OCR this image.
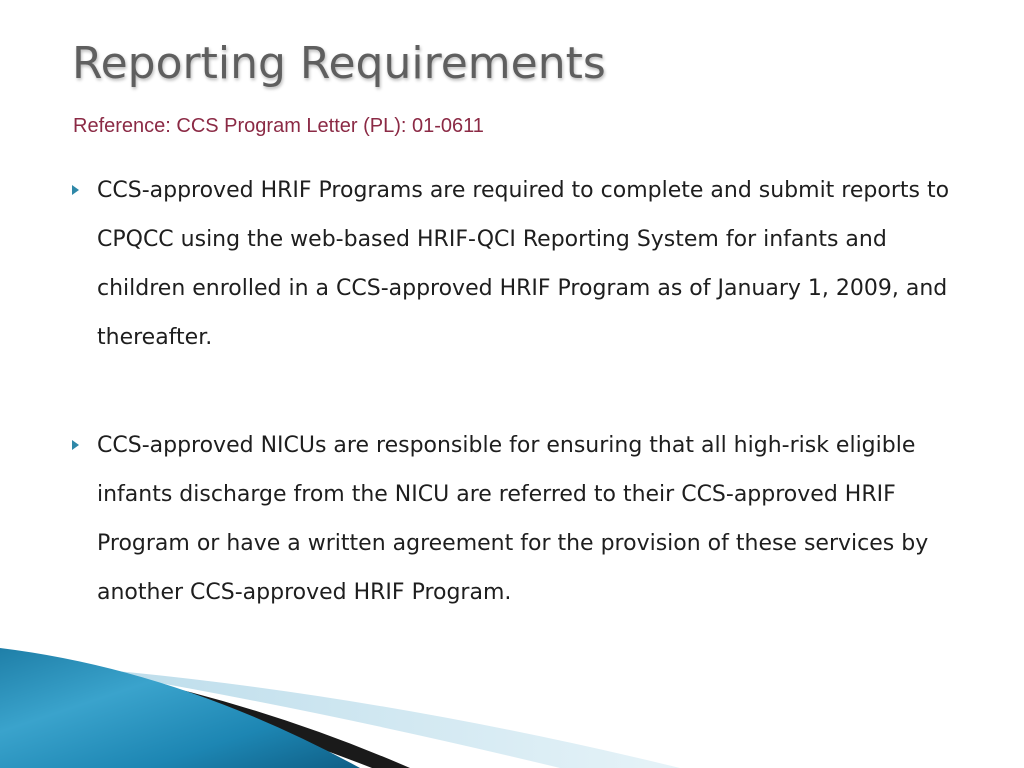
Reporting Requirements

Reference: CCS Program Letter (PL): 01-0611

CCS-approved HRIF Programs are required to complete and submit reports to CPQCC using the web-based HRIF-QCI Reporting System for infants and children enrolled in a CCS-approved HRIF Program as of January 1, 2009, and thereafter.
CCS-approved NICUs are responsible for ensuring that all high-risk eligible infants discharge from the NICU are referred to their CCS-approved HRIF Program or have a written agreement for the provision of these services by another CCS-approved HRIF Program.
